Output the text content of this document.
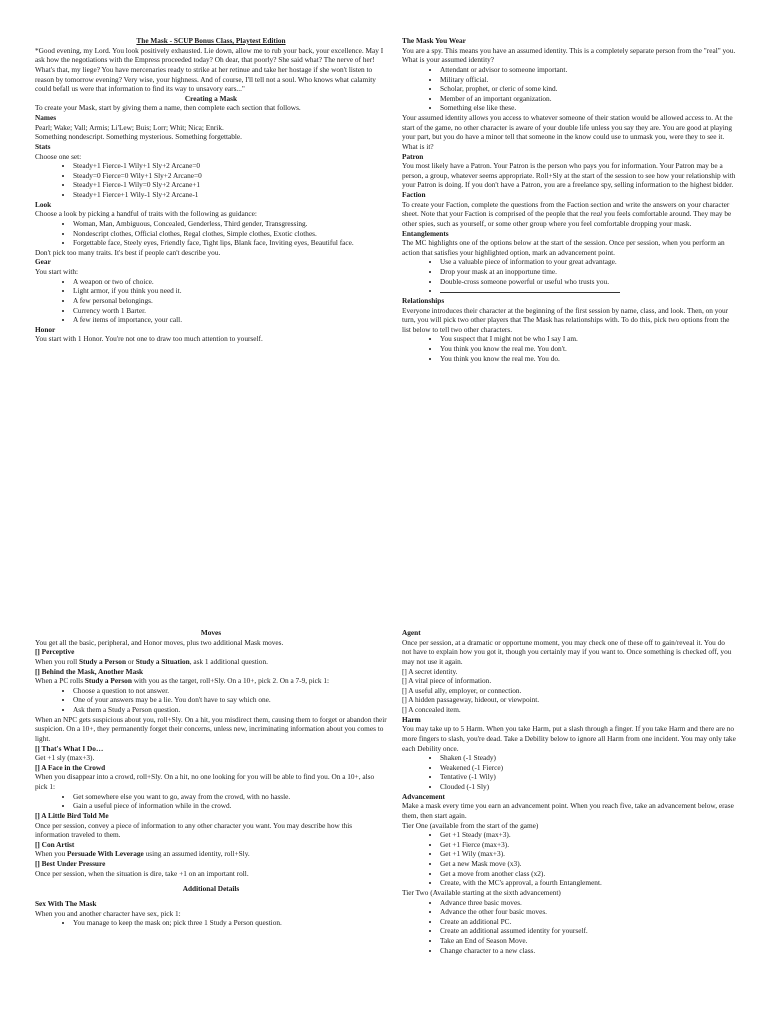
The Mask - SCUP Bonus Class, Playtest Edition

*Good evening, my Lord. You look positively exhausted. Lie down, allow me to rub your back, your excellence. May I ask how the negotiations with the Empress proceeded today? Oh dear, that poorly? She said what? The nerve of her! What's that, my liege? You have mercenaries ready to strike at her retinue and take her hostage if she won't listen to reason by tomorrow evening? Very wise, your highness. And of course, I'll tell not a soul. Who knows what calamity could befall us were that information to find its way to unsavory ears..."

Creating a Mask

To create your Mask, start by giving them a name, then complete each section that follows.

Names

Pearl; Wake; Vall; Armis; Li'Lew; Buis; Lorr; Whit; Nica; Enrik.

Something nondescript. Something mysterious. Something forgettable.

Stats

Choose one set:

• Steady+1 Fierce-1 Wily+1 Sly+2 Arcane=0
• Steady=0 Fierce=0 Wily+1 Sly+2 Arcane=0
• Steady+1 Fierce-1 Wily=0 Sly+2 Arcane+1
• Steady+1 Fierce+1 Wily-1 Sly+2 Arcane-1

Look

Choose a look by picking a handful of traits with the following as guidance:

• Woman, Man, Ambiguous, Concealed, Genderless, Third gender, Transgressing.
• Nondescript clothes, Official clothes, Regal clothes, Simple clothes, Exotic clothes.
• Forgettable face, Steely eyes, Friendly face, Tight lips, Blank face, Inviting eyes, Beautiful face.

Don't pick too many traits. It's best if people can't describe you.

Gear

You start with:

• A weapon or two of choice.
• Light armor, if you think you need it.
• A few personal belongings.
• Currency worth 1 Barter.
• A few items of importance, your call.

Honor

You start with 1 Honor. You're not one to draw too much attention to yourself.

The Mask You Wear

You are a spy. This means you have an assumed identity. This is a completely separate person from the "real" you. What is your assumed identity?

• Attendant or advisor to someone important.
• Military official.
• Scholar, prophet, or cleric of some kind.
• Member of an important organization.
• Something else like these.

Your assumed identity allows you access to whatever someone of their station would be allowed access to. At the start of the game, no other character is aware of your double life unless you say they are. You are good at playing your part, but you do have a minor tell that someone in the know could use to unmask you, were they to see it. What is it?

Patron

You most likely have a Patron. Your Patron is the person who pays you for information. Your Patron may be a person, a group, whatever seems appropriate. Roll+Sly at the start of the session to see how your relationship with your Patron is doing. If you don't have a Patron, you are a freelance spy, selling information to the highest bidder.

Faction

To create your Faction, complete the questions from the Faction section and write the answers on your character sheet. Note that your Faction is comprised of the people that the real you feels comfortable around. They may be other spies, such as yourself, or some other group where you feel comfortable dropping your mask.

Entanglements

The MC highlights one of the options below at the start of the session. Once per session, when you perform an action that satisfies your highlighted option, mark an advancement point.

• Use a valuable piece of information to your great advantage.
• Drop your mask at an inopportune time.
• Double-cross someone powerful or useful who trusts you.
•

Relationships

Everyone introduces their character at the beginning of the first session by name, class, and look. Then, on your turn, you will pick two other players that The Mask has relationships with. To do this, pick two options from the list below to tell two other characters.

• You suspect that I might not be who I say I am.
• You think you know the real me. You don't.
• You think you know the real me. You do.

Moves

You get all the basic, peripheral, and Honor moves, plus two additional Mask moves.

[] Perceptive

When you roll Study a Person or Study a Situation, ask 1 additional question.

[] Behind the Mask, Another Mask

When a PC rolls Study a Person with you as the target, roll+Sly. On a 10+, pick 2. On a 7-9, pick 1:

• Choose a question to not answer.
• One of your answers may be a lie. You don't have to say which one.
• Ask them a Study a Person question.

When an NPC gets suspicious about you, roll+Sly. On a hit, you misdirect them, causing them to forget or abandon their suspicion. On a 10+, they permanently forget their concerns, unless new, incriminating information about you comes to light.

[] That's What I Do…

Get +1 sly (max+3).

[] A Face in the Crowd

When you disappear into a crowd, roll+Sly. On a hit, no one looking for you will be able to find you. On a 10+, also pick 1:

• Get somewhere else you want to go, away from the crowd, with no hassle.
• Gain a useful piece of information while in the crowd.

[] A Little Bird Told Me

Once per session, convey a piece of information to any other character you want. You may describe how this information traveled to them.

[] Con Artist

When you Persuade With Leverage using an assumed identity, roll+Sly.

[] Best Under Pressure

Once per session, when the situation is dire, take +1 on an important roll.

Additional Details

Sex With The Mask

When you and another character have sex, pick 1:

• You manage to keep the mask on; pick three 1 Study a Person question.

Agent

Once per session, at a dramatic or opportune moment, you may check one of these off to gain/reveal it. You do not have to explain how you got it, though you certainly may if you want to. Once something is checked off, you may not use it again.

[] A secret identity.
[] A vital piece of information.
[] A useful ally, employer, or connection.
[] A hidden passageway, hideout, or viewpoint.
[] A concealed item.

Harm

You may take up to 5 Harm. When you take Harm, put a slash through a finger. If you take Harm and there are no more fingers to slash, you're dead. Take a Debility below to ignore all Harm from one incident. You may only take each Debility once.

• Shaken (-1 Steady)
• Weakened (-1 Fierce)
• Tentative (-1 Wily)
• Clouded (-1 Sly)

Advancement

Make a mask every time you earn an advancement point. When you reach five, take an advancement below, erase them, then start again.

Tier One (available from the start of the game)

• Get +1 Steady (max+3).
• Get +1 Fierce (max+3).
• Get +1 Wily (max+3).
• Get a new Mask move (x3).
• Get a move from another class (x2).
• Create, with the MC's approval, a fourth Entanglement.

Tier Two (Available starting at the sixth advancement)

• Advance three basic moves.
• Advance the other four basic moves.
• Create an additional PC.
• Create an additional assumed identity for yourself.
• Take an End of Season Move.
• Change character to a new class.
